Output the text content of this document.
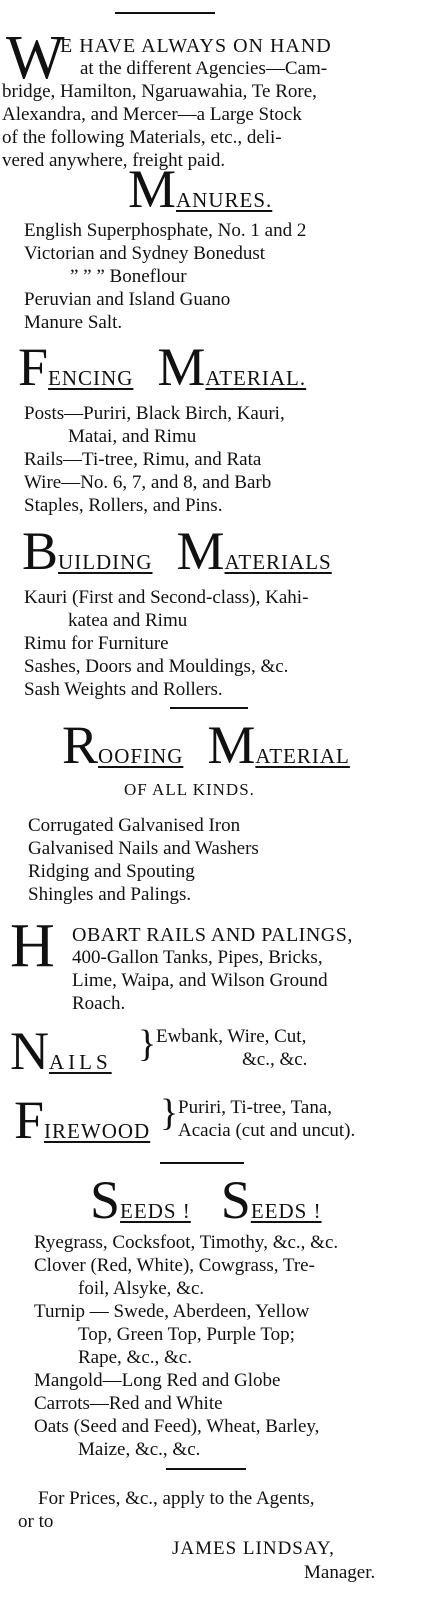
W
E HAVE ALWAYS ON HAND
at the different Agencies—Cam-
bridge, Hamilton, Ngaruawahia, Te Rore,
Alexandra, and Mercer—a Large Stock
of the following Materials, etc., deli-
vered anywhere, freight paid.
MANURES.
English Superphosphate, No. 1 and 2
Victorian and Sydney Bonedust
” ” ” Boneflour
Peruvian and Island Guano
Manure Salt.
FENCING MATERIAL.
Posts—Puriri, Black Birch, Kauri,
Matai, and Rimu
Rails—Ti-tree, Rimu, and Rata
Wire—No. 6, 7, and 8, and Barb
Staples, Rollers, and Pins.
BUILDING MATERIALS
Kauri (First and Second-class), Kahi-
katea and Rimu
Rimu for Furniture
Sashes, Doors and Mouldings, &c.
Sash Weights and Rollers.
ROOFING MATERIAL
OF ALL KINDS.
Corrugated Galvanised Iron
Galvanised Nails and Washers
Ridging and Spouting
Shingles and Palings.
H OBART RAILS AND PALINGS,
400-Gallon Tanks, Pipes, Bricks,
Lime, Waipa, and Wilson Ground
Roach.
NAILS } Ewbank, Wire, Cut,
&c., &c.
FIREWOOD } Puriri, Ti-tree, Tana,
Acacia (cut and uncut).
SEEDS ! SEEDS !
Ryegrass, Cocksfoot, Timothy, &c., &c.
Clover (Red, White), Cowgrass, Tre-
foil, Alsyke, &c.
Turnip — Swede, Aberdeen, Yellow
Top, Green Top, Purple Top;
Rape, &c., &c.
Mangold—Long Red and Globe
Carrots—Red and White
Oats (Seed and Feed), Wheat, Barley,
Maize, &c., &c.
For Prices, &c., apply to the Agents,
or to
JAMES LINDSAY,
Manager.
